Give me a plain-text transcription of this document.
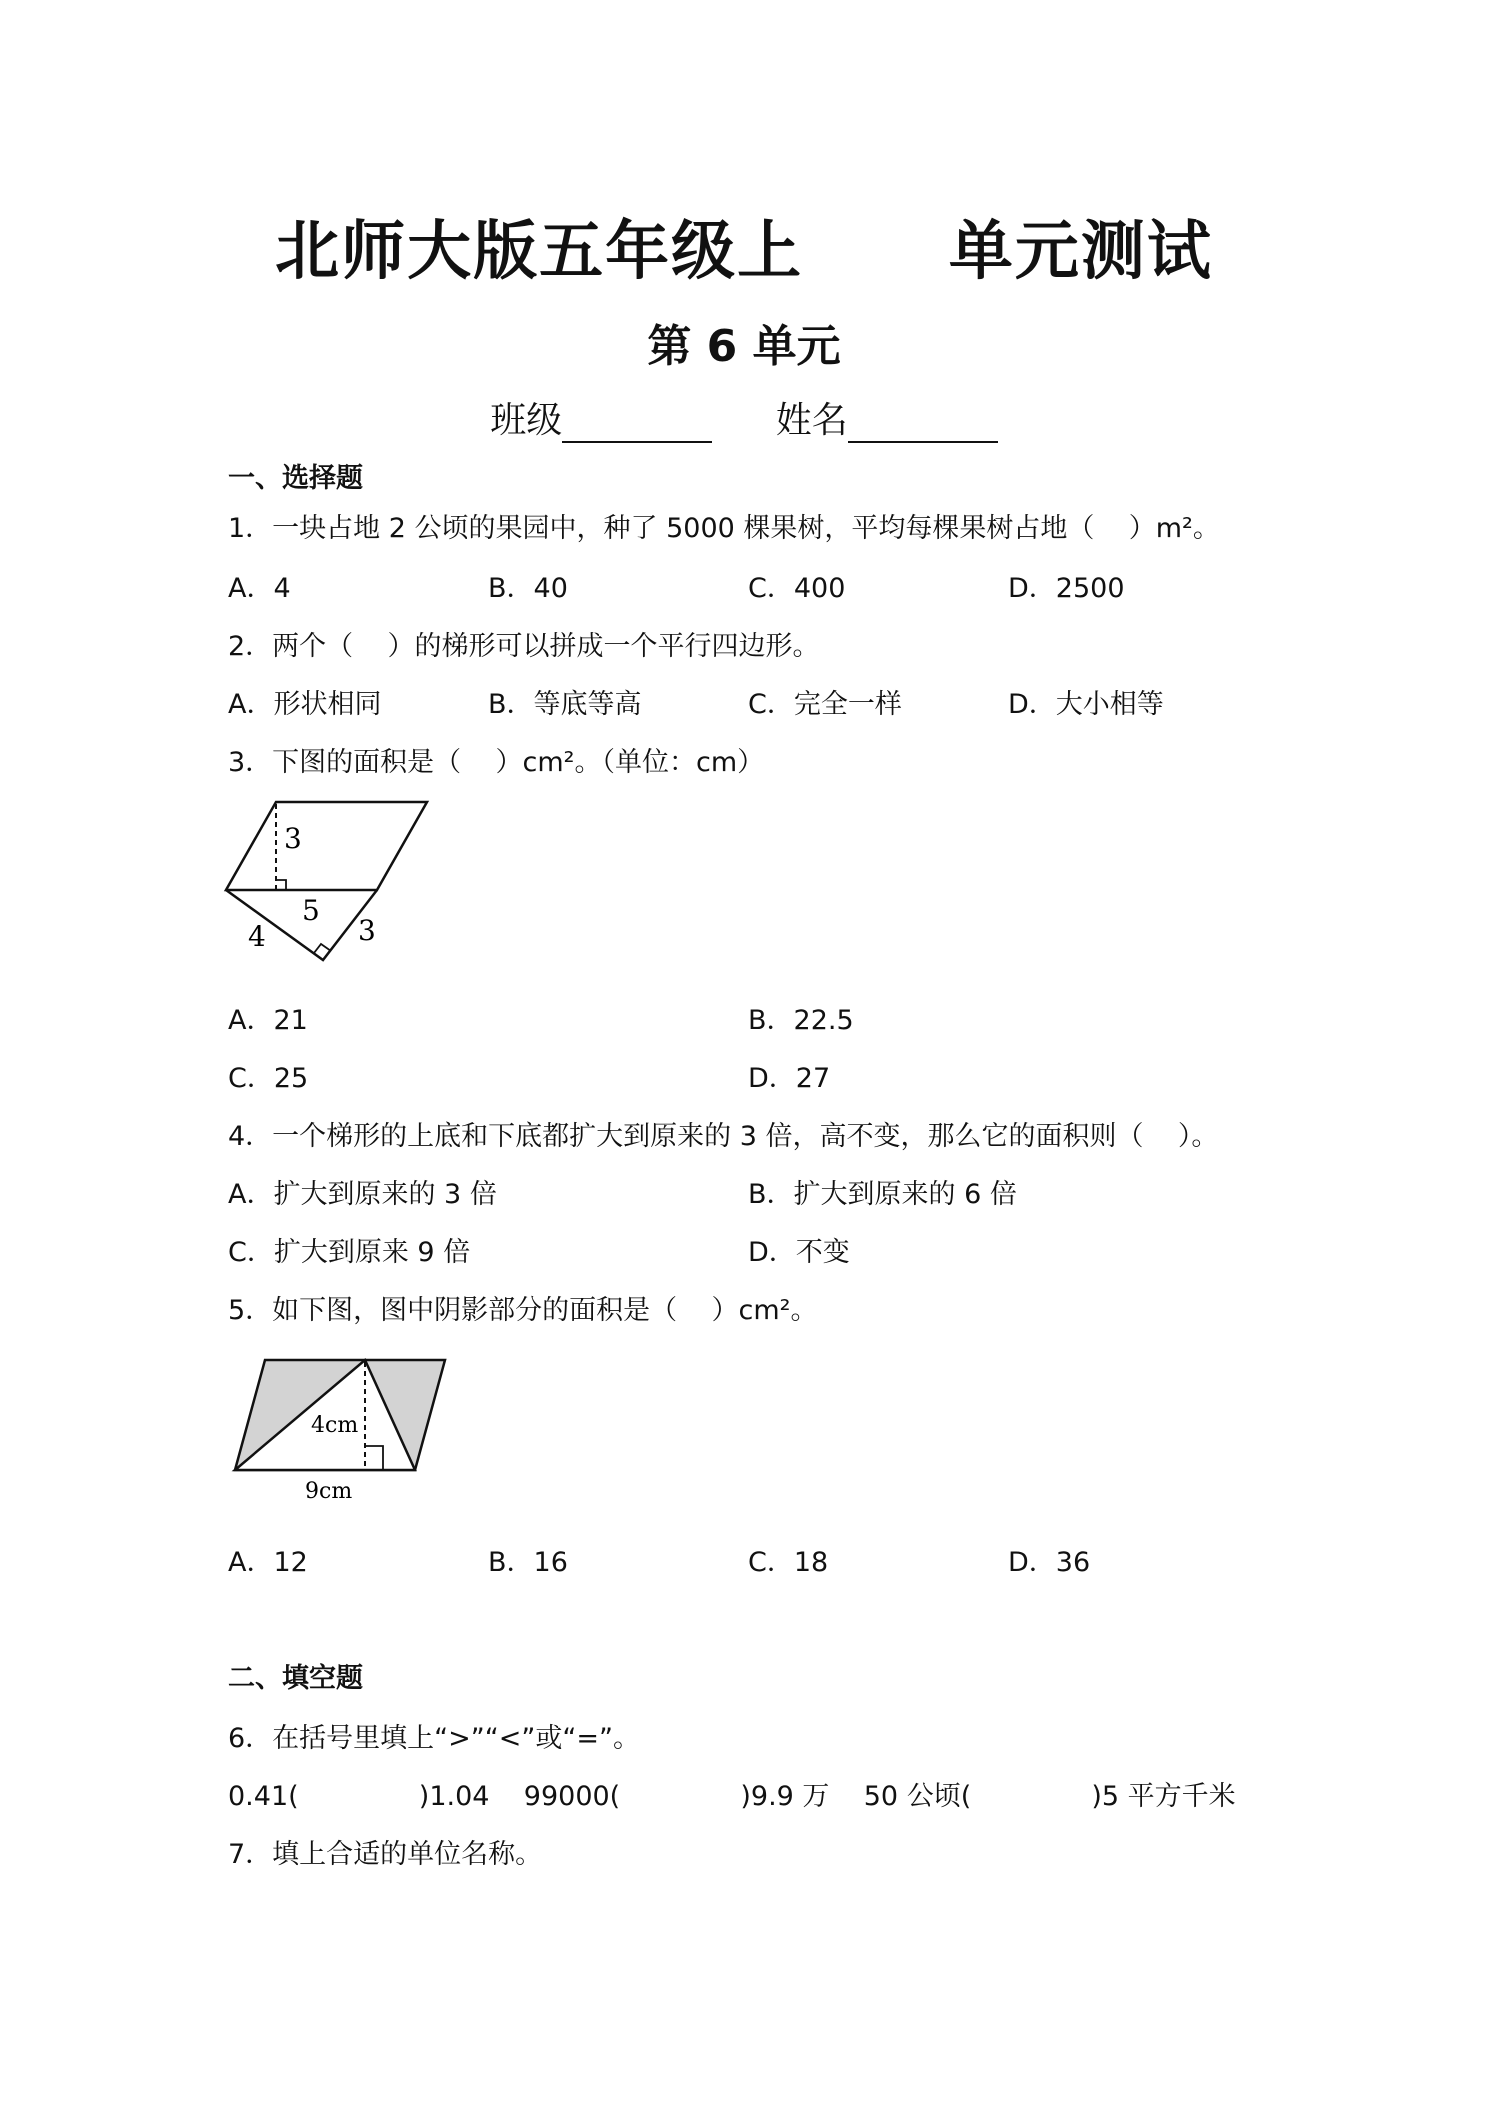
北师大版五年级上      单元测试
第 6 单元
班级	姓名
一、选择题
1．一块占地 2 公顷的果园中，种了 5000 棵果树，平均每棵果树占地（    ）m²。
A．4	B．40	C．400	D．2500
2．两个（    ）的梯形可以拼成一个平行四边形。
A．形状相同	B．等底等高	C．完全一样	D．大小相等
3．下图的面积是（    ）cm²。（单位：cm）
3
5
4	3
A．21	B．22.5
C．25	D．27
4．一个梯形的上底和下底都扩大到原来的 3 倍，高不变，那么它的面积则（    ）。
A．扩大到原来的 3 倍	B．扩大到原来的 6 倍
C．扩大到原来 9 倍	D．不变
5．如下图，图中阴影部分的面积是（    ）cm²。
4cm
9cm
A．12	B．16	C．18	D．36
二、填空题
6．在括号里填上“>”“<”或“=”。
0.41(              )1.04    99000(              )9.9 万    50 公顷(              )5 平方千米
7．填上合适的单位名称。
